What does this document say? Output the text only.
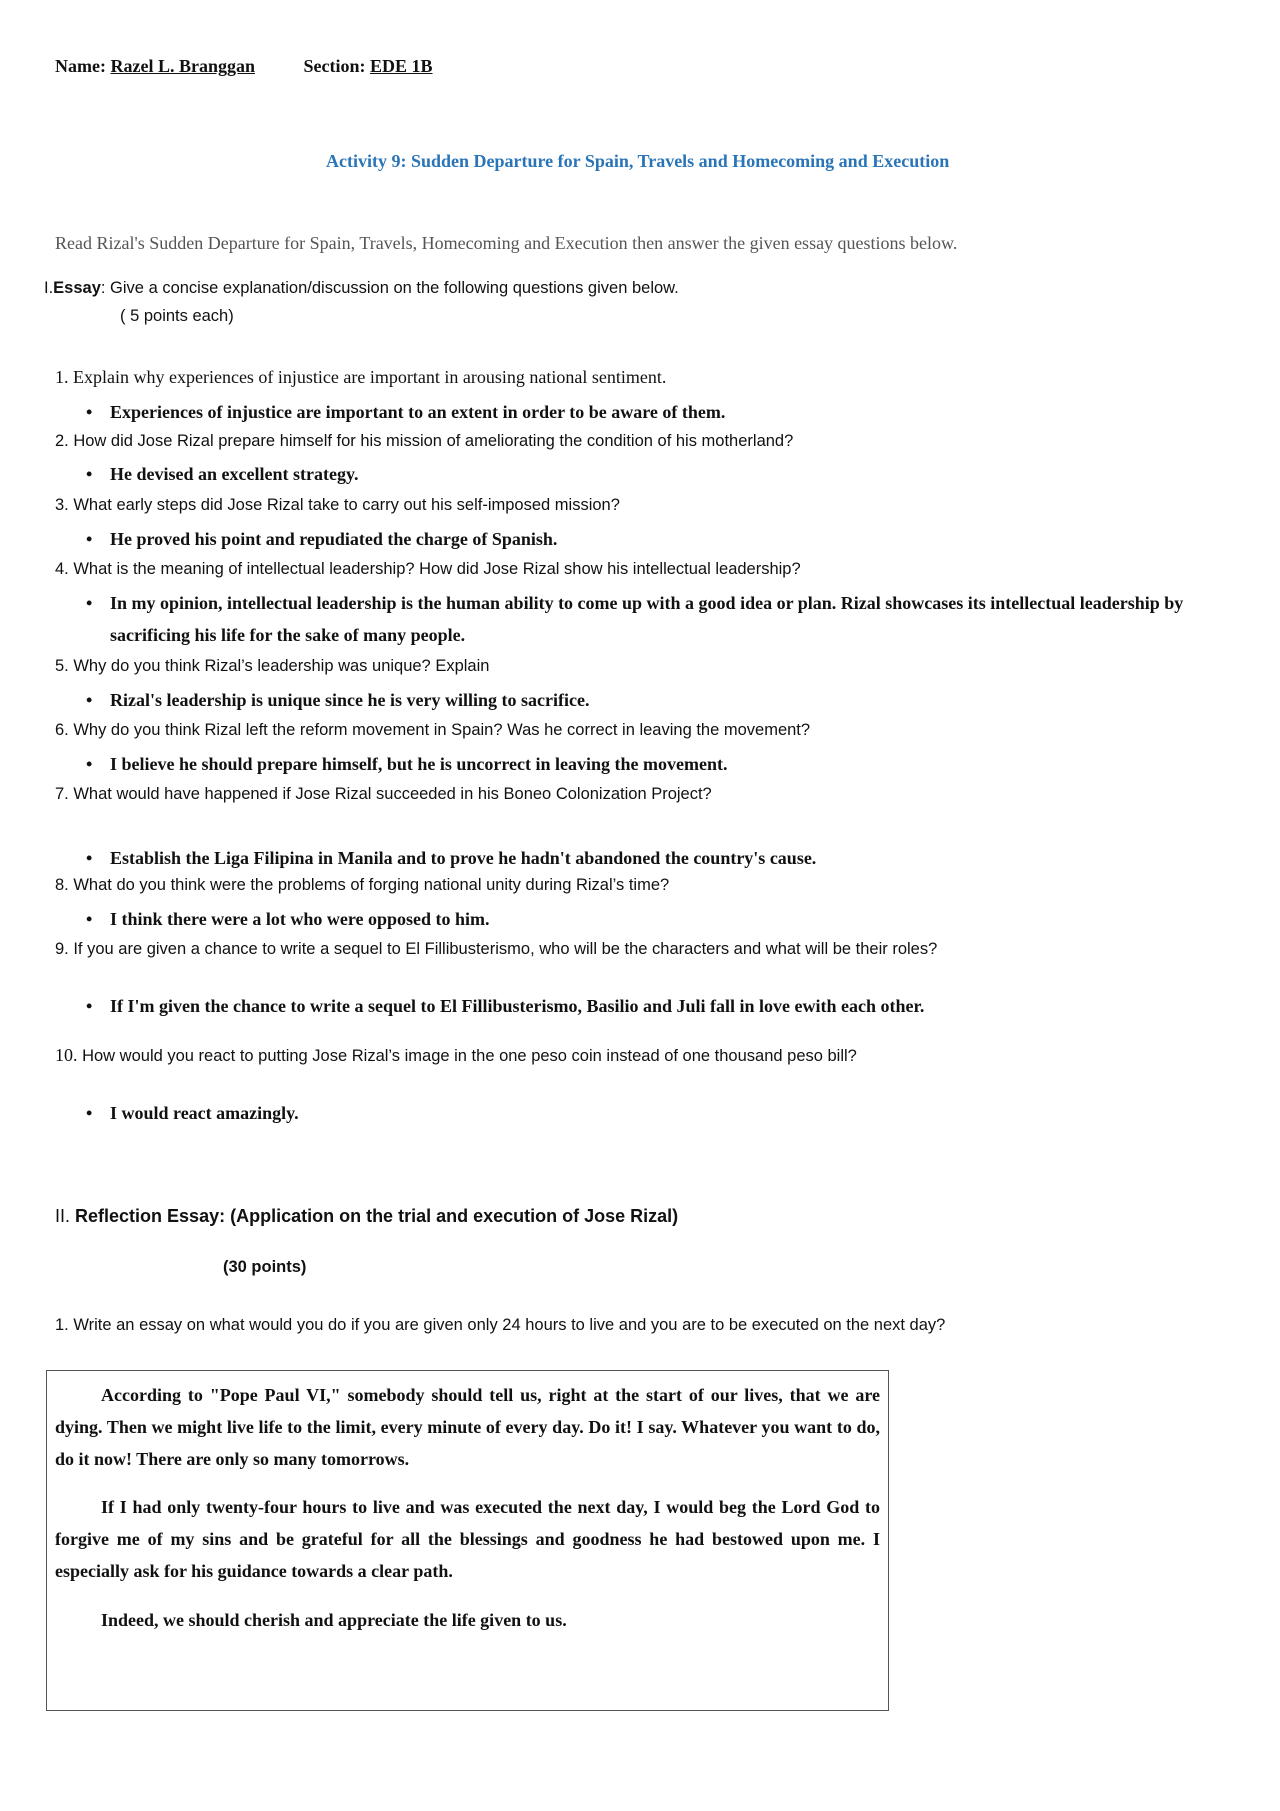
Name: Razel L. Branggan	Section: EDE 1B
Activity 9: Sudden Departure for Spain, Travels and Homecoming and Execution
Read Rizal's Sudden Departure for Spain, Travels, Homecoming and Execution then answer the given essay questions below.
I.Essay: Give a concise explanation/discussion on the following questions given below.
( 5 points each)
1. Explain why experiences of injustice are important in arousing national sentiment.
• Experiences of injustice are important to an extent in order to be aware of them.
2. How did Jose Rizal prepare himself for his mission of ameliorating the condition of his motherland?
• He devised an excellent strategy.
3. What early steps did Jose Rizal take to carry out his self-imposed mission?
• He proved his point and repudiated the charge of Spanish.
4. What is the meaning of intellectual leadership? How did Jose Rizal show his intellectual leadership?
• In my opinion, intellectual leadership is the human ability to come up with a good idea or plan. Rizal showcases its intellectual leadership by sacrificing his life for the sake of many people.
5. Why do you think Rizal’s leadership was unique? Explain
• Rizal's leadership is unique since he is very willing to sacrifice.
6. Why do you think Rizal left the reform movement in Spain? Was he correct in leaving the movement?
• I believe he should prepare himself, but he is uncorrect in leaving the movement.
7. What would have happened if Jose Rizal succeeded in his Boneo Colonization Project?
• Establish the Liga Filipina in Manila and to prove he hadn't abandoned the country's cause.
8. What do you think were the problems of forging national unity during Rizal’s time?
• I think there were a lot who were opposed to him.
9. If you are given a chance to write a sequel to El Fillibusterismo, who will be the characters and what will be their roles?
• If I'm given the chance to write a sequel to El Fillibusterismo, Basilio and Juli fall in love ewith each other.
10. How would you react to putting Jose Rizal’s image in the one peso coin instead of one thousand peso bill?
• I would react amazingly.
II. Reflection Essay: (Application on the trial and execution of Jose Rizal)
(30 points)
1. Write an essay on what would you do if you are given only 24 hours to live and you are to be executed on the next day?

According to "Pope Paul VI," somebody should tell us, right at the start of our lives, that we are dying. Then we might live life to the limit, every minute of every day. Do it! I say. Whatever you want to do, do it now! There are only so many tomorrows.

If I had only twenty-four hours to live and was executed the next day, I would beg the Lord God to forgive me of my sins and be grateful for all the blessings and goodness he had bestowed upon me. I especially ask for his guidance towards a clear path.

Indeed, we should cherish and appreciate the life given to us.
